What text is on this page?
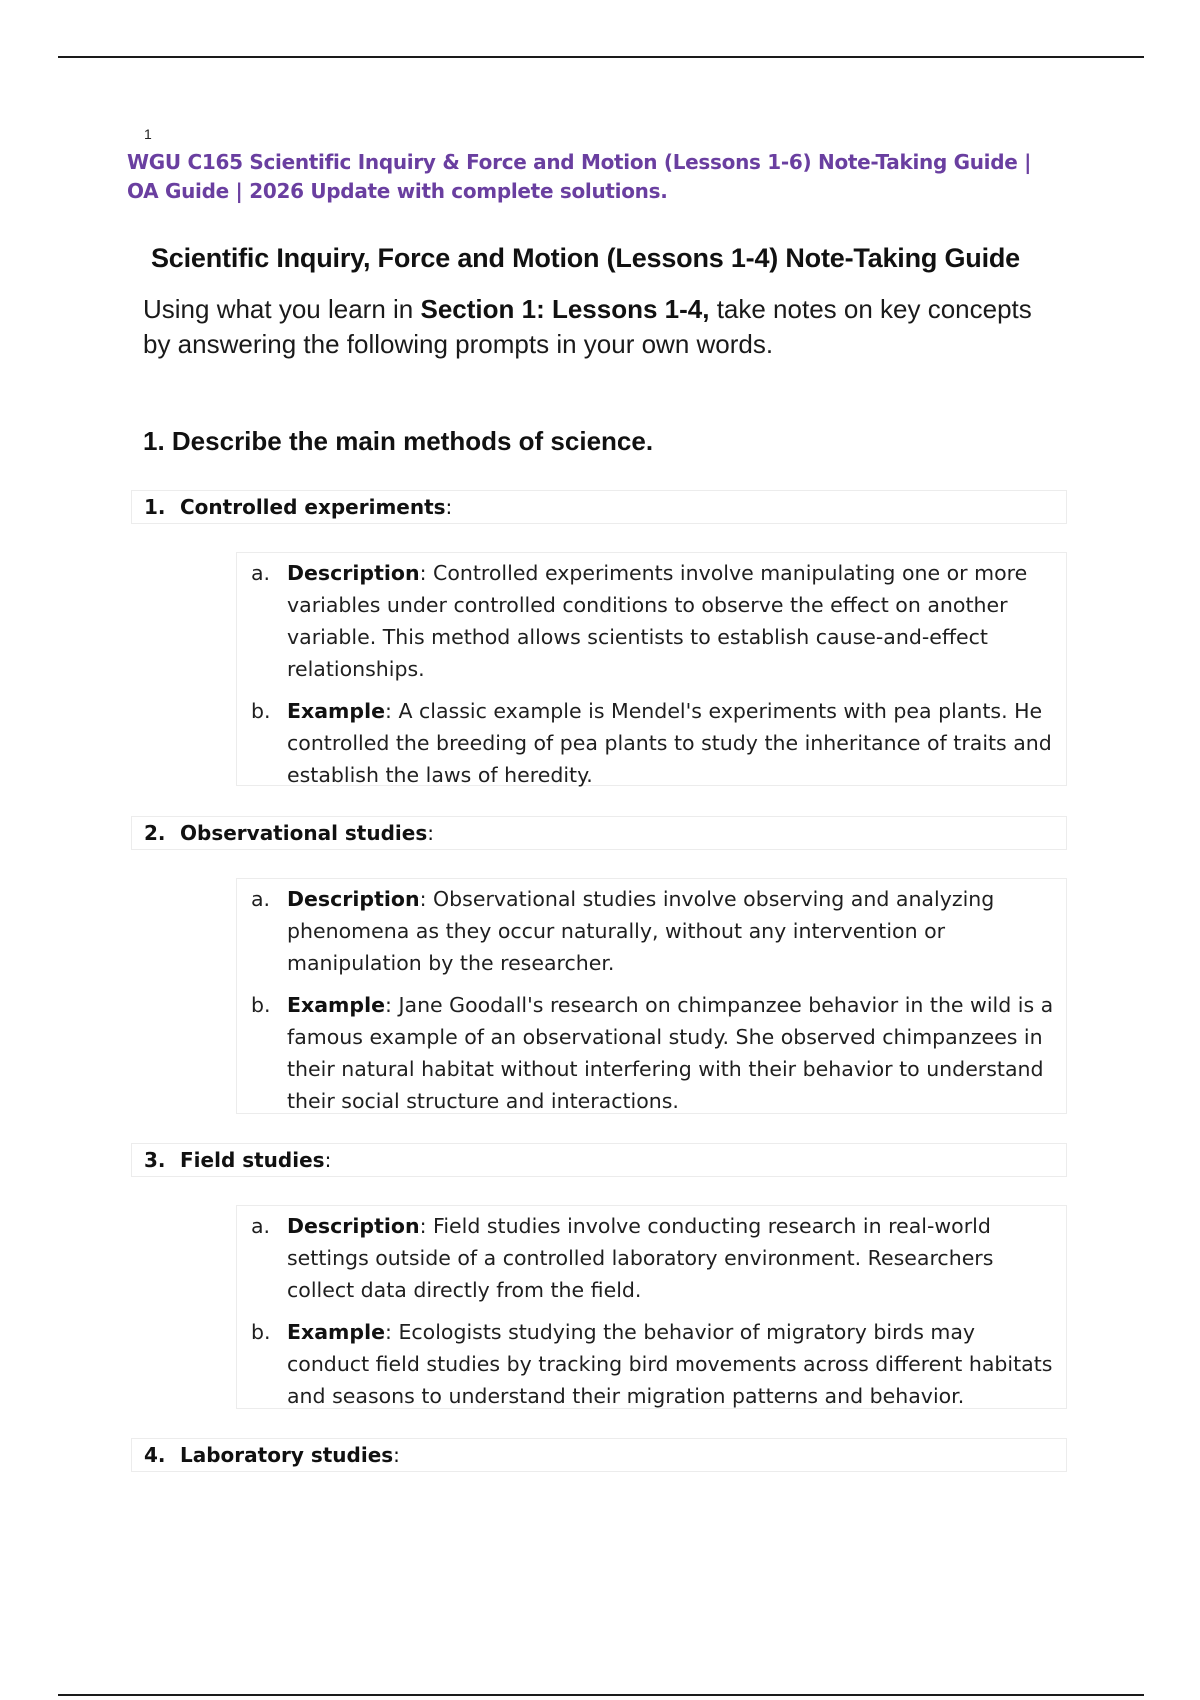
1
WGU C165 Scientific Inquiry & Force and Motion (Lessons 1-6) Note-Taking Guide | OA Guide | 2026 Update with complete solutions.
Scientific Inquiry, Force and Motion (Lessons 1-4) Note-Taking Guide
Using what you learn in Section 1: Lessons 1-4, take notes on key concepts by answering the following prompts in your own words.
1. Describe the main methods of science.
1. Controlled experiments:
a. Description: Controlled experiments involve manipulating one or more variables under controlled conditions to observe the effect on another variable. This method allows scientists to establish cause-and-effect relationships.
b. Example: A classic example is Mendel's experiments with pea plants. He controlled the breeding of pea plants to study the inheritance of traits and establish the laws of heredity.
2. Observational studies:
a. Description: Observational studies involve observing and analyzing phenomena as they occur naturally, without any intervention or manipulation by the researcher.
b. Example: Jane Goodall's research on chimpanzee behavior in the wild is a famous example of an observational study. She observed chimpanzees in their natural habitat without interfering with their behavior to understand their social structure and interactions.
3. Field studies:
a. Description: Field studies involve conducting research in real-world settings outside of a controlled laboratory environment. Researchers collect data directly from the field.
b. Example: Ecologists studying the behavior of migratory birds may conduct field studies by tracking bird movements across different habitats and seasons to understand their migration patterns and behavior.
4. Laboratory studies:
